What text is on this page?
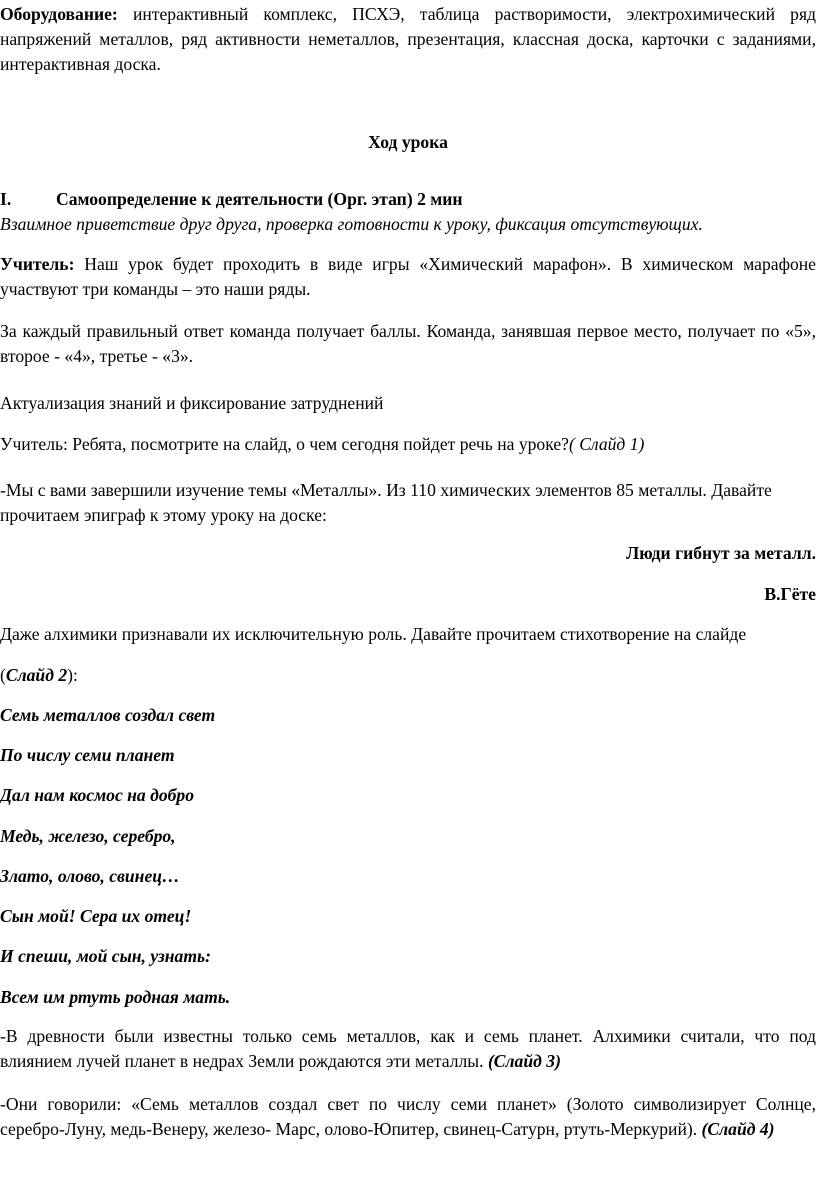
Оборудование: интерактивный комплекс, ПСХЭ, таблица растворимости, электрохимический ряд напряжений металлов, ряд активности неметаллов, презентация, классная доска, карточки с заданиями, интерактивная доска.

Ход урока

I.	Самоопределение к деятельности (Орг. этап) 2 мин

Взаимное приветствие друг друга, проверка готовности к уроку, фиксация отсутствующих.

Учитель: Наш урок будет проходить в виде игры «Химический марафон». В химическом марафоне участвуют три команды – это наши ряды.

За каждый правильный ответ команда получает баллы. Команда, занявшая первое место, получает по «5», второе - «4», третье - «3».

Актуализация знаний и фиксирование затруднений

Учитель: Ребята, посмотрите на слайд, о чем сегодня пойдет речь на уроке?( Слайд 1)

-Мы с вами завершили изучение темы «Металлы». Из 110 химических элементов 85 металлы. Давайте прочитаем эпиграф к этому уроку на доске:

Люди гибнут за металл.

В.Гёте

Даже алхимики признавали их исключительную роль. Давайте прочитаем стихотворение на слайде

(Слайд 2):

Семь металлов создал свет

По числу семи планет

Дал нам космос на добро

Медь, железо, серебро,

Злато, олово, свинец…

Сын мой! Сера их отец!

И спеши, мой сын, узнать:

Всем им ртуть родная мать.

-В древности были известны только семь металлов, как и семь планет. Алхимики считали, что под влиянием лучей планет в недрах Земли рождаются эти металлы. (Слайд 3)

-Они говорили: «Семь металлов создал свет по числу семи планет» (Золото символизирует Солнце, серебро-Луну, медь-Венеру, железо- Марс, олово-Юпитер, свинец-Сатурн, ртуть-Меркурий). (Слайд 4)
